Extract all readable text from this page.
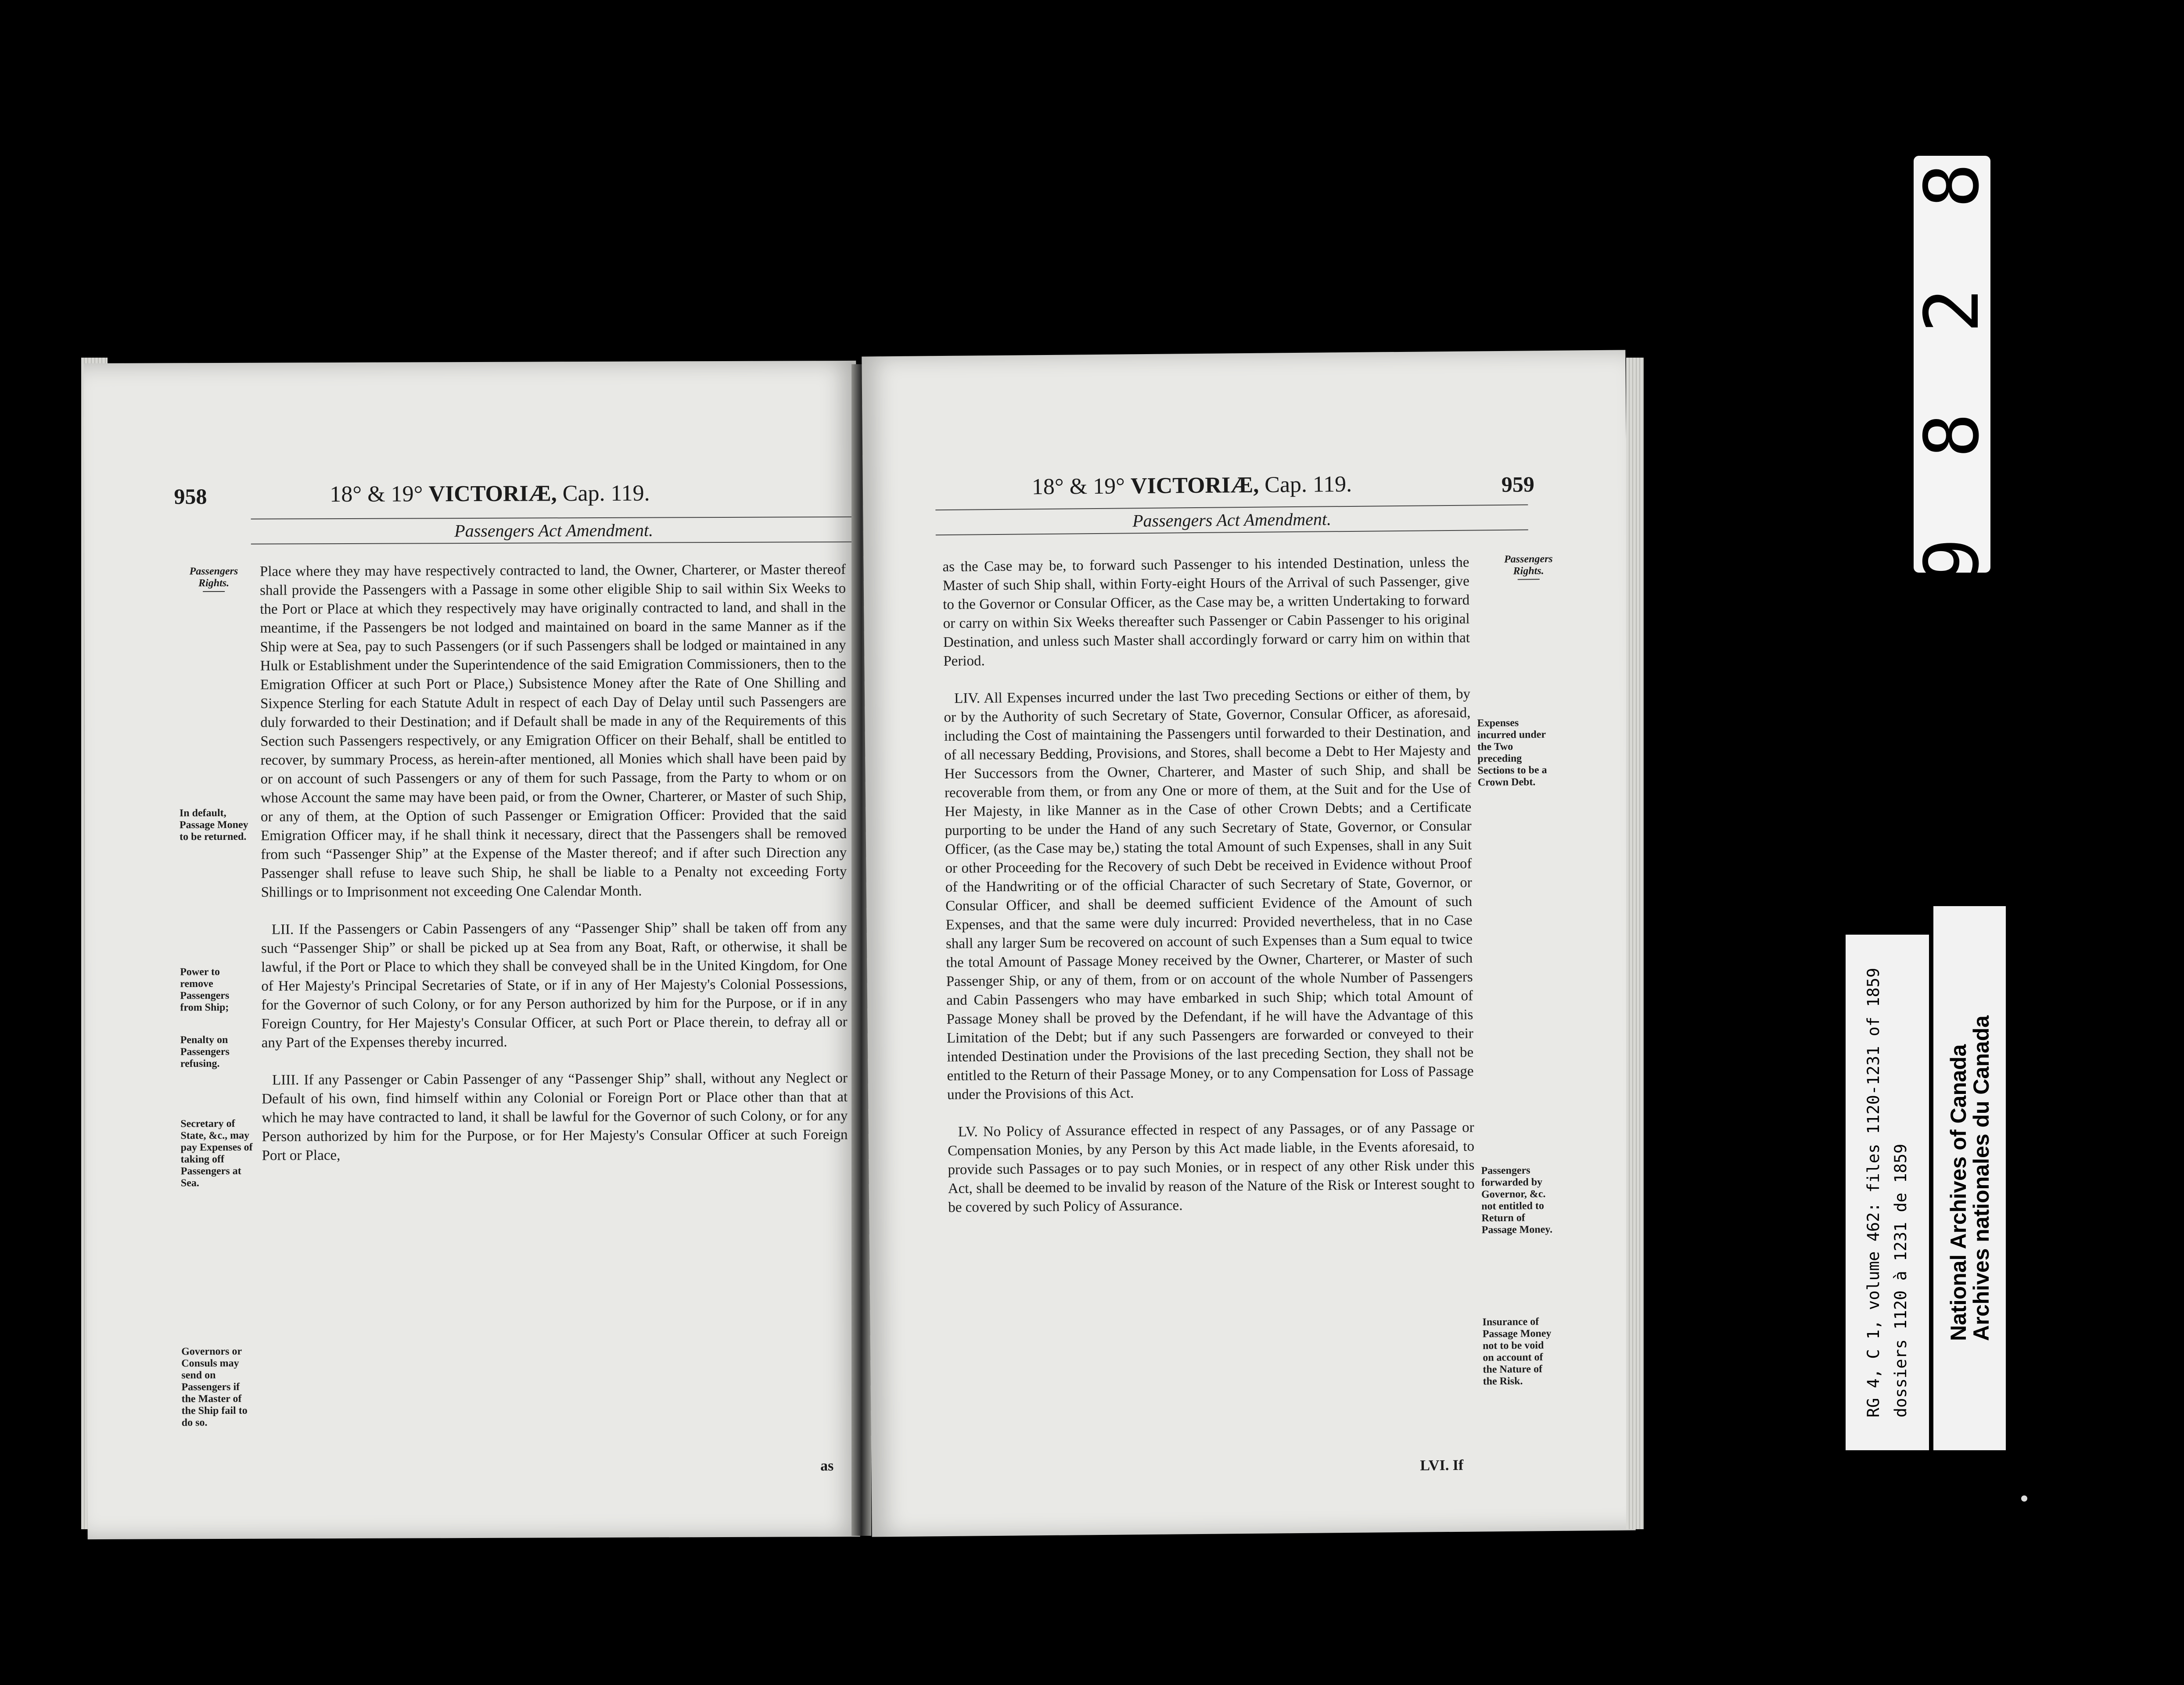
958	18° & 19° VICTORIÆ, Cap. 119.
Passengers Act Amendment.
Passengers Rights.
In default, Passage Money to be returned.
Power to remove Passengers from Ship;
Penalty on Passengers refusing.
Secretary of State, &c., may pay Expenses of taking off Passengers at Sea.
Governors or Consuls may send on Passengers if the Master of the Ship fail to do so.

Place where they may have respectively contracted to land, the Owner, Charterer, or Master thereof shall provide the Passengers with a Passage in some other eligible Ship to sail within Six Weeks to the Port or Place at which they respectively may have originally contracted to land, and shall in the meantime, if the Passengers be not lodged and maintained on board in the same Manner as if the Ship were at Sea, pay to such Passengers (or if such Passengers shall be lodged or maintained in any Hulk or Establishment under the Superintendence of the said Emigration Commissioners, then to the Emigration Officer at such Port or Place,) Subsistence Money after the Rate of One Shilling and Sixpence Sterling for each Statute Adult in respect of each Day of Delay until such Passengers are duly forwarded to their Destination; and if Default shall be made in any of the Requirements of this Section such Passengers respectively, or any Emigration Officer on their Behalf, shall be entitled to recover, by summary Process, as herein-after mentioned, all Monies which shall have been paid by or on account of such Passengers or any of them for such Passage, from the Party to whom or on whose Account the same may have been paid, or from the Owner, Charterer, or Master of such Ship, or any of them, at the Option of such Passenger or Emigration Officer: Provided that the said Emigration Officer may, if he shall think it necessary, direct that the Passengers shall be removed from such “Passenger Ship” at the Expense of the Master thereof; and if after such Direction any Passenger shall refuse to leave such Ship, he shall be liable to a Penalty not exceeding Forty Shillings or to Imprisonment not exceeding One Calendar Month.

LII. If the Passengers or Cabin Passengers of any “Passenger Ship” shall be taken off from any such “Passenger Ship” or shall be picked up at Sea from any Boat, Raft, or otherwise, it shall be lawful, if the Port or Place to which they shall be conveyed shall be in the United Kingdom, for One of Her Majesty's Principal Secretaries of State, or if in any of Her Majesty's Colonial Possessions, for the Governor of such Colony, or for any Person authorized by him for the Purpose, or if in any Foreign Country, for Her Majesty's Consular Officer, at such Port or Place therein, to defray all or any Part of the Expenses thereby incurred.

LIII. If any Passenger or Cabin Passenger of any “Passenger Ship” shall, without any Neglect or Default of his own, find himself within any Colonial or Foreign Port or Place other than that at which he may have contracted to land, it shall be lawful for the Governor of such Colony, or for any Person authorized by him for the Purpose, or for Her Majesty's Consular Officer at such Foreign Port or Place,

as
18° & 19° VICTORIÆ, Cap. 119.	959
Passengers Act Amendment.
Passengers Rights.
Expenses incurred under the Two preceding Sections to be a Crown Debt.
Passengers forwarded by Governor, &c. not entitled to Return of Passage Money.
Insurance of Passage Money not to be void on account of the Nature of the Risk.

as the Case may be, to forward such Passenger to his intended Destination, unless the Master of such Ship shall, within Forty-eight Hours of the Arrival of such Passenger, give to the Governor or Consular Officer, as the Case may be, a written Undertaking to forward or carry on within Six Weeks thereafter such Passenger or Cabin Passenger to his original Destination, and unless such Master shall accordingly forward or carry him on within that Period.

LIV. All Expenses incurred under the last Two preceding Sections or either of them, by or by the Authority of such Secretary of State, Governor, Consular Officer, as aforesaid, including the Cost of maintaining the Passengers until forwarded to their Destination, and of all necessary Bedding, Provisions, and Stores, shall become a Debt to Her Majesty and Her Successors from the Owner, Charterer, and Master of such Ship, and shall be recoverable from them, or from any One or more of them, at the Suit and for the Use of Her Majesty, in like Manner as in the Case of other Crown Debts; and a Certificate purporting to be under the Hand of any such Secretary of State, Governor, or Consular Officer, (as the Case may be,) stating the total Amount of such Expenses, shall in any Suit or other Proceeding for the Recovery of such Debt be received in Evidence without Proof of the Handwriting or of the official Character of such Secretary of State, Governor, or Consular Officer, and shall be deemed sufficient Evidence of the Amount of such Expenses, and that the same were duly incurred: Provided nevertheless, that in no Case shall any larger Sum be recovered on account of such Expenses than a Sum equal to twice the total Amount of Passage Money received by the Owner, Charterer, or Master of such Passenger Ship, or any of them, from or on account of the whole Number of Passengers and Cabin Passengers who may have embarked in such Ship; which total Amount of Passage Money shall be proved by the Defendant, if he will have the Advantage of this Limitation of the Debt; but if any such Passengers are forwarded or conveyed to their intended Destination under the Provisions of the last preceding Section, they shall not be entitled to the Return of their Passage Money, or to any Compensation for Loss of Passage under the Provisions of this Act.

LV. No Policy of Assurance effected in respect of any Passages, or of any Passage or Compensation Monies, by any Person by this Act made liable, in the Events aforesaid, to provide such Passages or to pay such Monies, or in respect of any other Risk under this Act, shall be deemed to be invalid by reason of the Nature of the Risk or Interest sought to be covered by such Policy of Assurance.

LVI. If
0 9 8 2 8 7
RG 4, C 1, volume 462: files 1120-1231 of 1859 dossiers 1120 à 1231 de 1859 National Archives of Canada
Archives nationales du Canada
